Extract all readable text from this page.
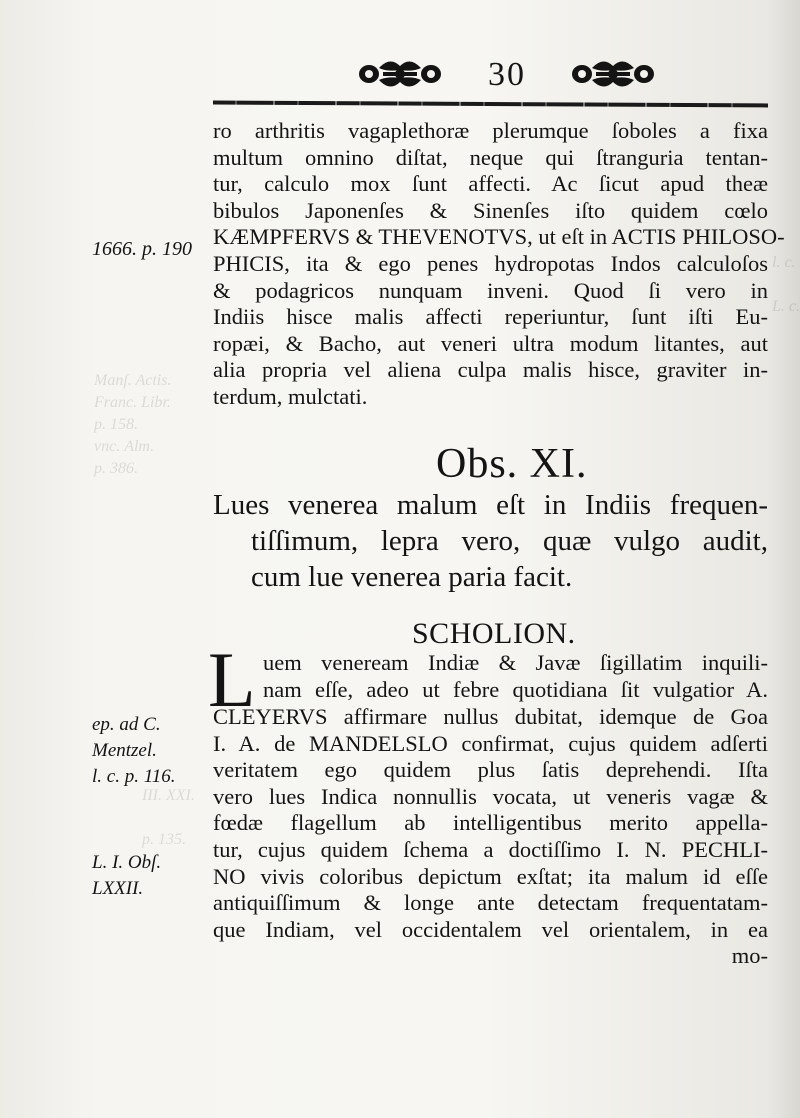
Manſ. Actis.
Franc. Libr.
p. 158.
vnc. Alm.
p. 386.
III. XXI.

p. 135.
l. c.

L. c.
30
ro arthritis vagaplethoræ plerumque ſoboles a fixa
multum omnino diſtat, neque qui ſtranguria tentan-
tur, calculo mox ſunt affecti. Ac ſicut apud theæ
bibulos Japonenſes & Sinenſes iſto quidem cœlo
KÆMPFERVS & THEVENOTVS, ut eſt in ACTIS PHILOSO-
PHICIS, ita & ego penes hydropotas Indos calculoſos
& podagricos nunquam inveni. Quod ſi vero in
Indiis hisce malis affecti reperiuntur, ſunt iſti Eu-
ropæi, & Bacho, aut veneri ultra modum litantes, aut
alia propria vel aliena culpa malis hisce, graviter in-
terdum, mulctati.
1666. p. 190
Obs. XI.
Lues venerea malum eſt in Indiis frequen-
tiſſimum, lepra vero, quæ vulgo audit,
cum lue venerea paria facit.
SCHOLION.
L uem veneream Indiæ & Javæ ſigillatim inquili-
nam eſſe, adeo ut febre quotidiana ſit vulgatior A.
CLEYERVS affirmare nullus dubitat, idemque de Goa
I. A. de MANDELSLO confirmat, cujus quidem adſerti
veritatem ego quidem plus ſatis deprehendi. Iſta
vero lues Indica nonnullis vocata, ut veneris vagæ &
fœdæ flagellum ab intelligentibus merito appella-
tur, cujus quidem ſchema a doctiſſimo I. N. PECHLI-
NO vivis coloribus depictum exſtat; ita malum id eſſe
antiquiſſimum & longe ante detectam frequentatam-
que Indiam, vel occidentalem vel orientalem, in ea
mo-
ep. ad C.
Mentzel.
l. c. p. 116.
L. I. Obſ.
LXXII.
